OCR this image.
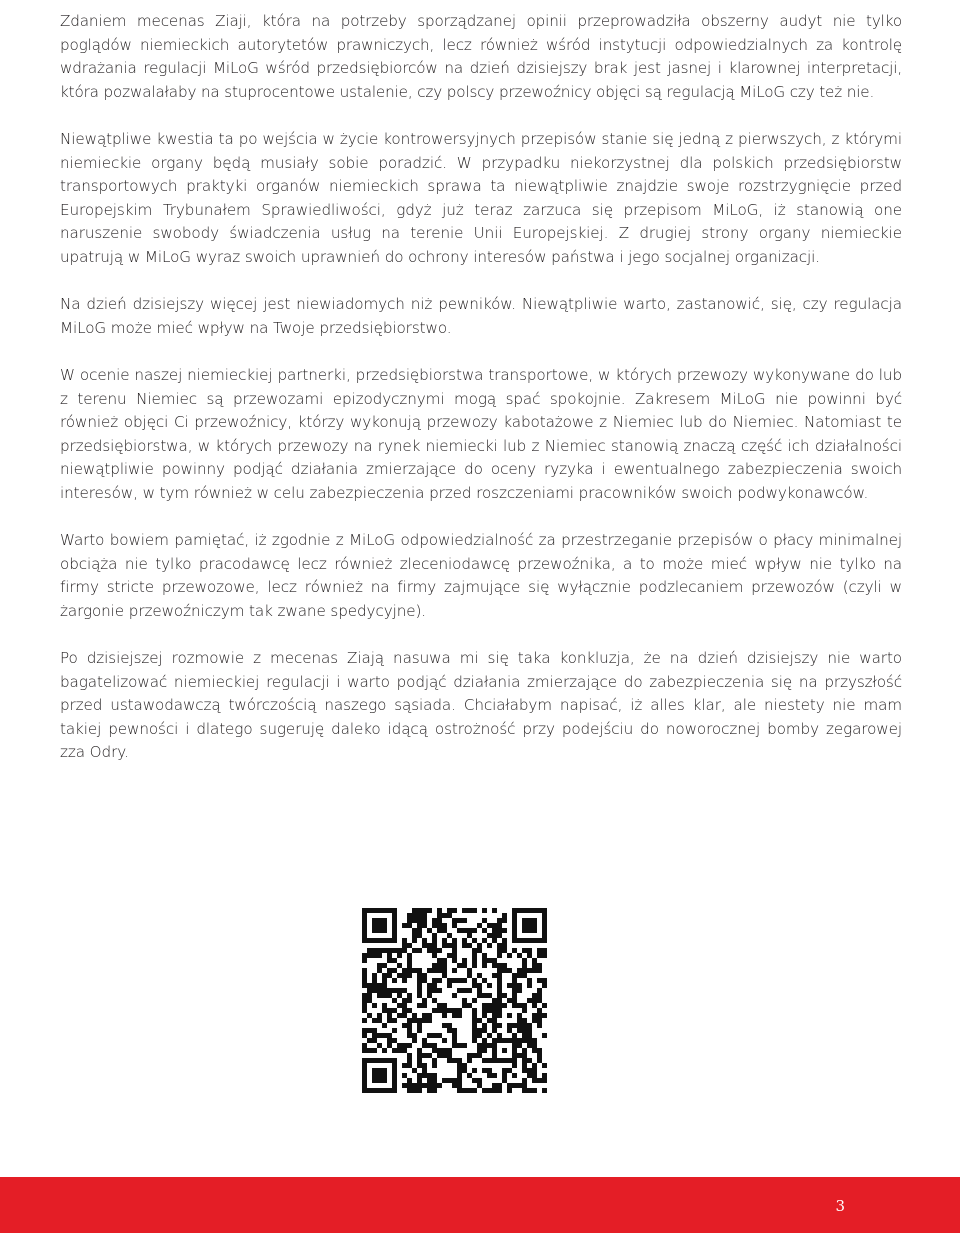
Zdaniem mecenas Ziaji, która na potrzeby sporządzanej opinii przeprowadziła obszerny audyt nie tylko poglądów niemieckich autorytetów prawniczych, lecz również wśród instytucji odpowiedzialnych za kontrolę wdrażania regulacji MiLoG wśród przedsiębiorców na dzień dzisiejszy brak jest jasnej i klarownej interpretacji, która pozwalałaby na stuprocentowe ustalenie, czy polscy przewoźnicy objęci są regulacją MiLoG czy też nie.

Niewątpliwe kwestia ta po wejścia w życie kontrowersyjnych przepisów stanie się jedną z pierwszych, z którymi niemieckie organy będą musiały sobie poradzić. W przypadku niekorzystnej dla polskich przedsiębiorstw transportowych praktyki organów niemieckich sprawa ta niewątpliwie znajdzie swoje rozstrzygnięcie przed Europejskim Trybunałem Sprawiedliwości, gdyż już teraz zarzuca się przepisom MiLoG, iż stanowią one naruszenie swobody świadczenia usług na terenie Unii Europejskiej. Z drugiej strony organy niemieckie upatrują w MiLoG wyraz swoich uprawnień do ochrony interesów państwa i jego socjalnej organizacji.

Na dzień dzisiejszy więcej jest niewiadomych niż pewników. Niewątpliwie warto, zastanowić, się, czy regulacja MiLoG może mieć wpływ na Twoje przedsiębiorstwo.

W ocenie naszej niemieckiej partnerki, przedsiębiorstwa transportowe, w których przewozy wykonywane do lub z terenu Niemiec są przewozami epizodycznymi mogą spać spokojnie. Zakresem MiLoG nie powinni być również objęci Ci przewoźnicy, którzy wykonują przewozy kabotażowe z Niemiec lub do Niemiec. Natomiast te przedsiębiorstwa, w których przewozy na rynek niemiecki lub z Niemiec stanowią znaczą część ich działalności niewątpliwie powinny podjąć działania zmierzające do oceny ryzyka i ewentualnego zabezpieczenia swoich interesów, w tym również w celu zabezpieczenia przed roszczeniami pracowników swoich podwykonawców.

Warto bowiem pamiętać, iż zgodnie z MiLoG odpowiedzialność za przestrzeganie przepisów o płacy minimalnej obciąża nie tylko pracodawcę lecz również zleceniodawcę przewoźnika, a to może mieć wpływ nie tylko na firmy stricte przewozowe, lecz również na firmy zajmujące się wyłącznie podzlecaniem przewozów (czyli w żargonie przewoźniczym tak zwane spedycyjne).

Po dzisiejszej rozmowie z mecenas Ziają nasuwa mi się taka konkluzja, że na dzień dzisiejszy nie warto bagatelizować niemieckiej regulacji i warto podjąć działania zmierzające do zabezpieczenia się na przyszłość przed ustawodawczą twórczością naszego sąsiada. Chciałabym napisać, iż alles klar, ale niestety nie mam takiej pewności i dlatego sugeruję daleko idącą ostrożność przy podejściu do noworocznej bomby zegarowej zza Odry.

3
